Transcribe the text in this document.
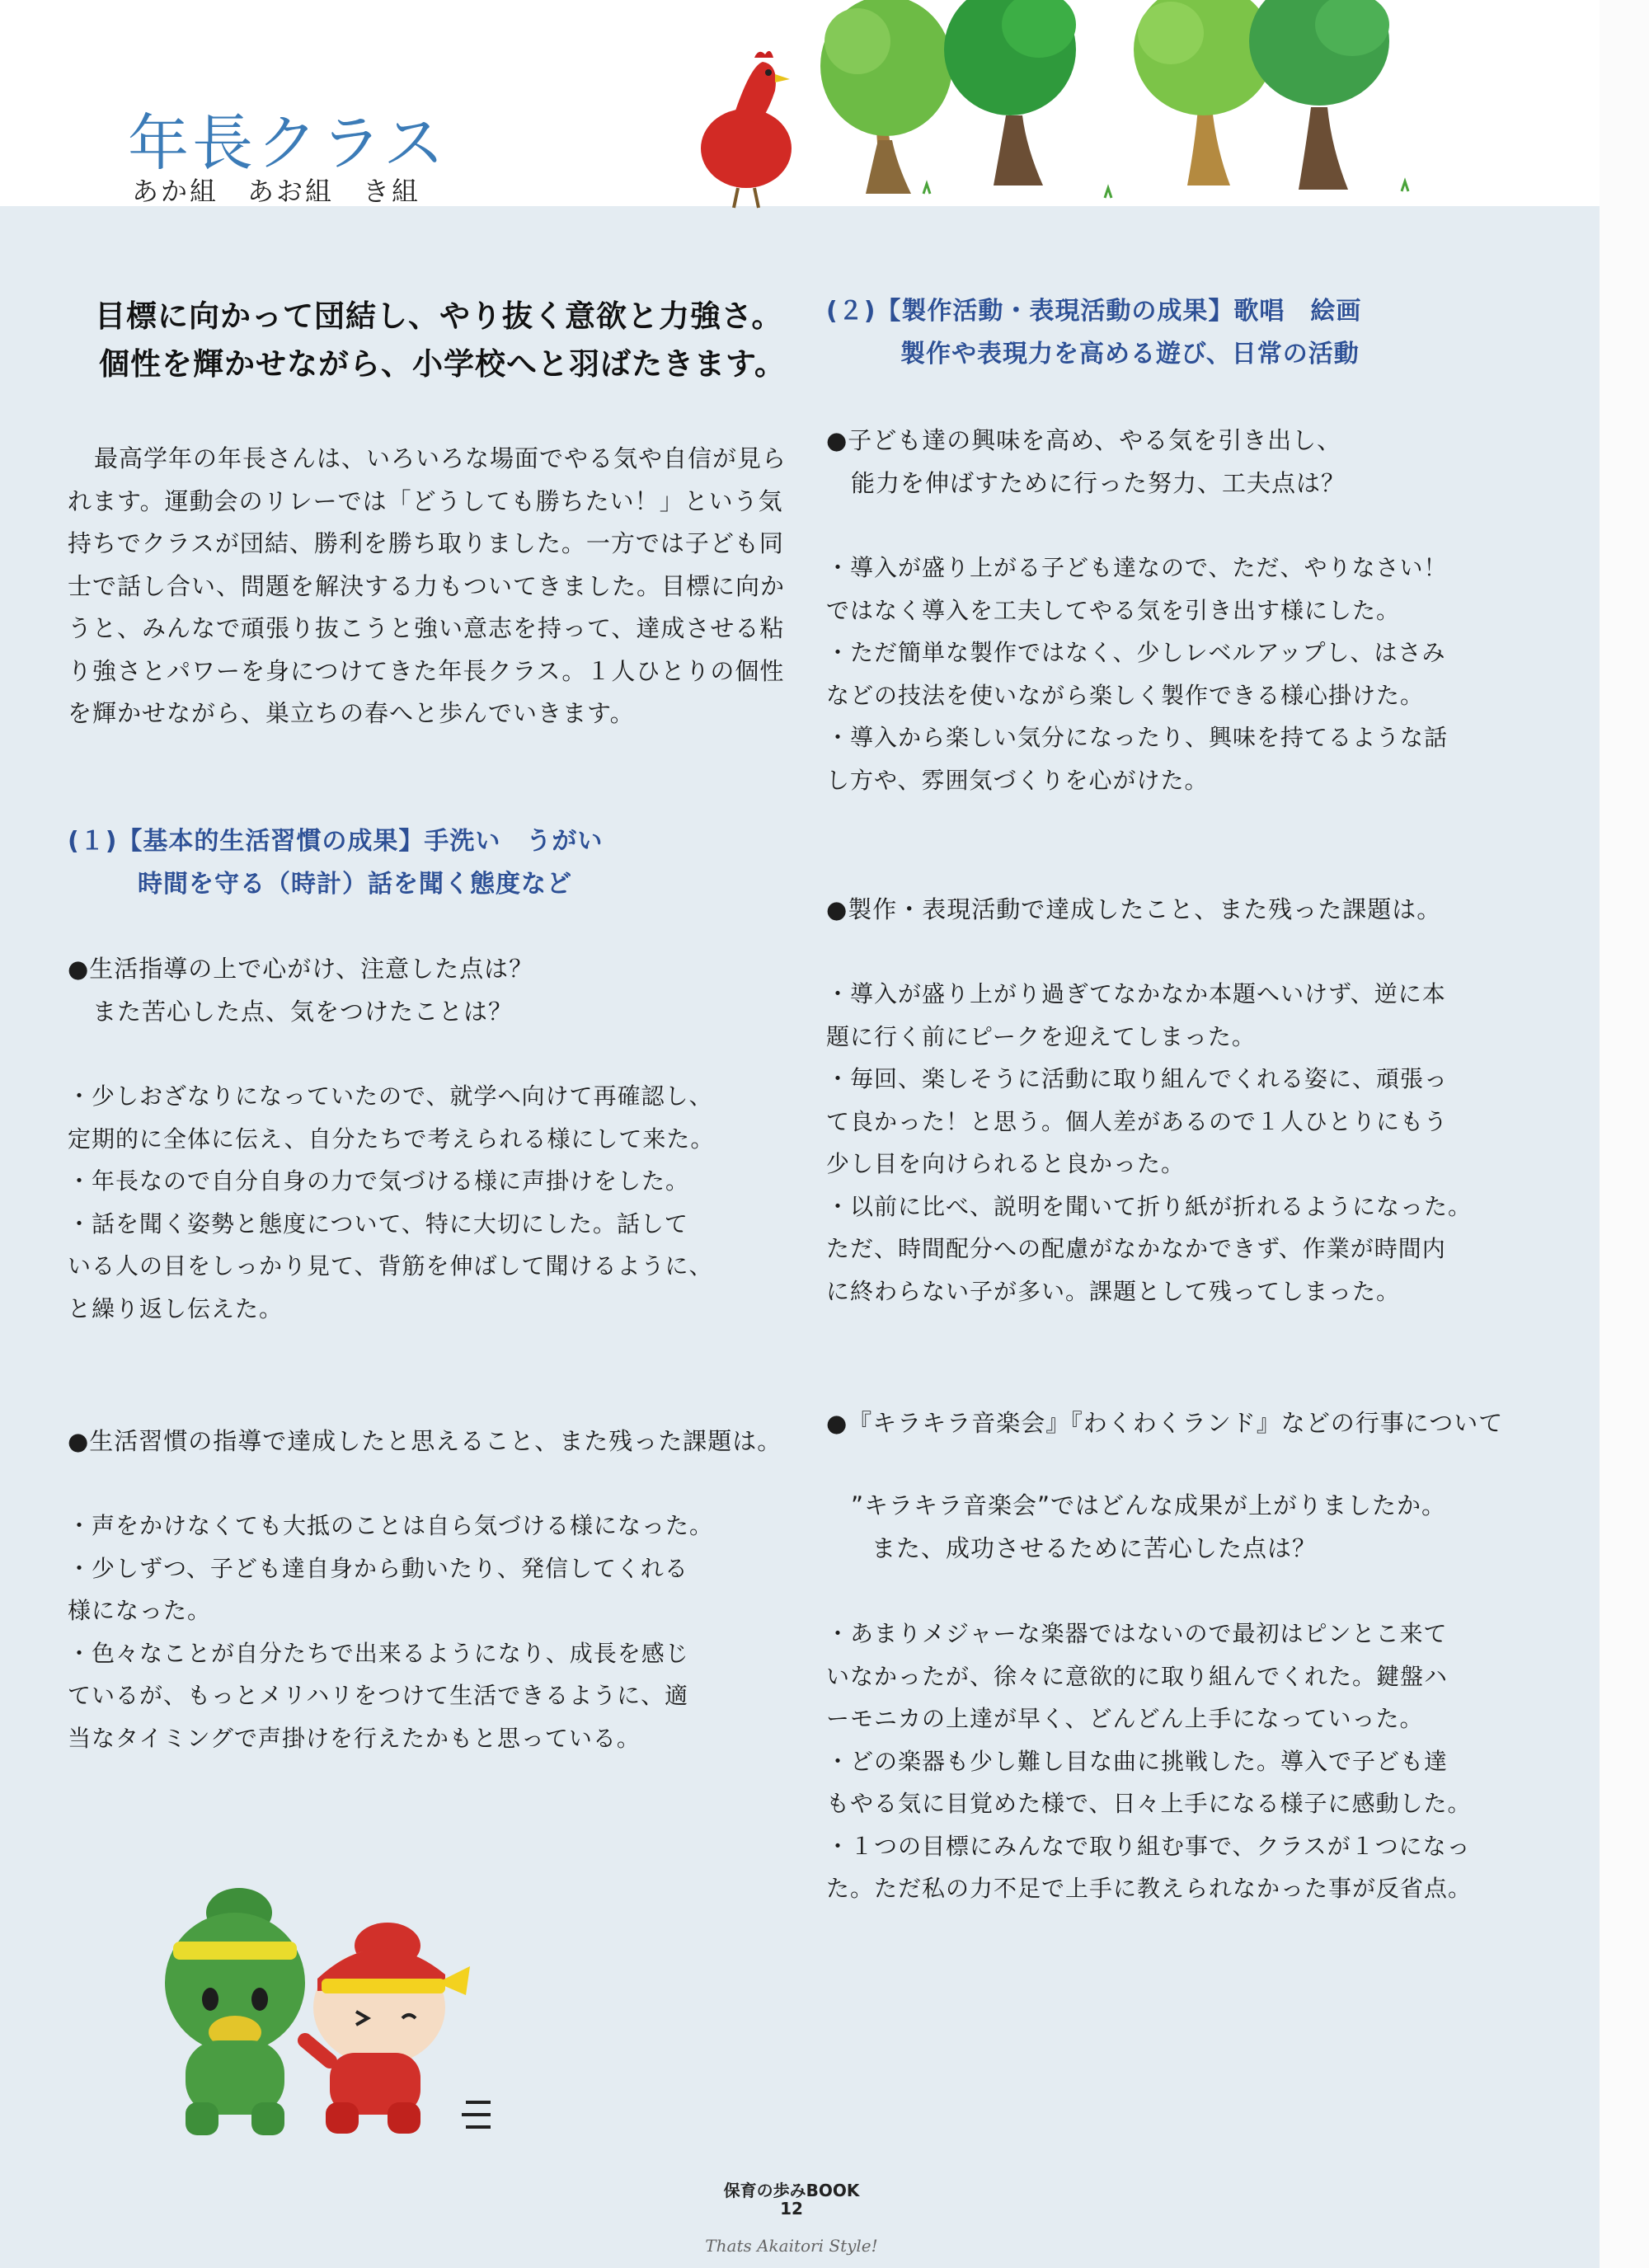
年長クラス
あか組　あお組　き組
目標に向かって団結し、やり抜く意欲と力強さ。
個性を輝かせながら、小学校へと羽ばたきます。
最高学年の年長さんは、いろいろな場面でやる気や自信が見ら
れます。運動会のリレーでは「どうしても勝ちたい！」という気
持ちでクラスが団結、勝利を勝ち取りました。一方では子ども同
士で話し合い、問題を解決する力もついてきました。目標に向か
うと、みんなで頑張り抜こうと強い意志を持って、達成させる粘
り強さとパワーを身につけてきた年長クラス。１人ひとりの個性
を輝かせながら、巣立ちの春へと歩んでいきます。
(１)【基本的生活習慣の成果】手洗い　うがい
時間を守る（時計）話を聞く態度など
●生活指導の上で心がけ、注意した点は？
また苦心した点、気をつけたことは？
・少しおざなりになっていたので、就学へ向けて再確認し、
定期的に全体に伝え、自分たちで考えられる様にして来た。
・年長なので自分自身の力で気づける様に声掛けをした。
・話を聞く姿勢と態度について、特に大切にした。話して
いる人の目をしっかり見て、背筋を伸ばして聞けるように、
と繰り返し伝えた。
●生活習慣の指導で達成したと思えること、また残った課題は。
・声をかけなくても大抵のことは自ら気づける様になった。
・少しずつ、子ども達自身から動いたり、発信してくれる
様になった。
・色々なことが自分たちで出来るようになり、成長を感じ
ているが、もっとメリハリをつけて生活できるように、適
当なタイミングで声掛けを行えたかもと思っている。
(２)【製作活動・表現活動の成果】歌唱　絵画
製作や表現力を高める遊び、日常の活動
●子ども達の興味を高め、やる気を引き出し、
能力を伸ばすために行った努力、工夫点は？
・導入が盛り上がる子ども達なので、ただ、やりなさい！
ではなく導入を工夫してやる気を引き出す様にした。
・ただ簡単な製作ではなく、少しレベルアップし、はさみ
などの技法を使いながら楽しく製作できる様心掛けた。
・導入から楽しい気分になったり、興味を持てるような話
し方や、雰囲気づくりを心がけた。
●製作・表現活動で達成したこと、また残った課題は。
・導入が盛り上がり過ぎてなかなか本題へいけず、逆に本
題に行く前にピークを迎えてしまった。
・毎回、楽しそうに活動に取り組んでくれる姿に、頑張っ
て良かった！と思う。個人差があるので１人ひとりにもう
少し目を向けられると良かった。
・以前に比べ、説明を聞いて折り紙が折れるようになった。
ただ、時間配分への配慮がなかなかできず、作業が時間内
に終わらない子が多い。課題として残ってしまった。
●『キラキラ音楽会』『わくわくランド』などの行事について
”キラキラ音楽会”ではどんな成果が上がりましたか。
また、成功させるために苦心した点は？
・あまりメジャーな楽器ではないので最初はピンとこ来て
いなかったが、徐々に意欲的に取り組んでくれた。鍵盤ハ
ーモニカの上達が早く、どんどん上手になっていった。
・どの楽器も少し難し目な曲に挑戦した。導入で子ども達
もやる気に目覚めた様で、日々上手になる様子に感動した。
・１つの目標にみんなで取り組む事で、クラスが１つになっ
た。ただ私の力不足で上手に教えられなかった事が反省点。
保育の歩みBOOK
12
Thats Akaitori Style!
